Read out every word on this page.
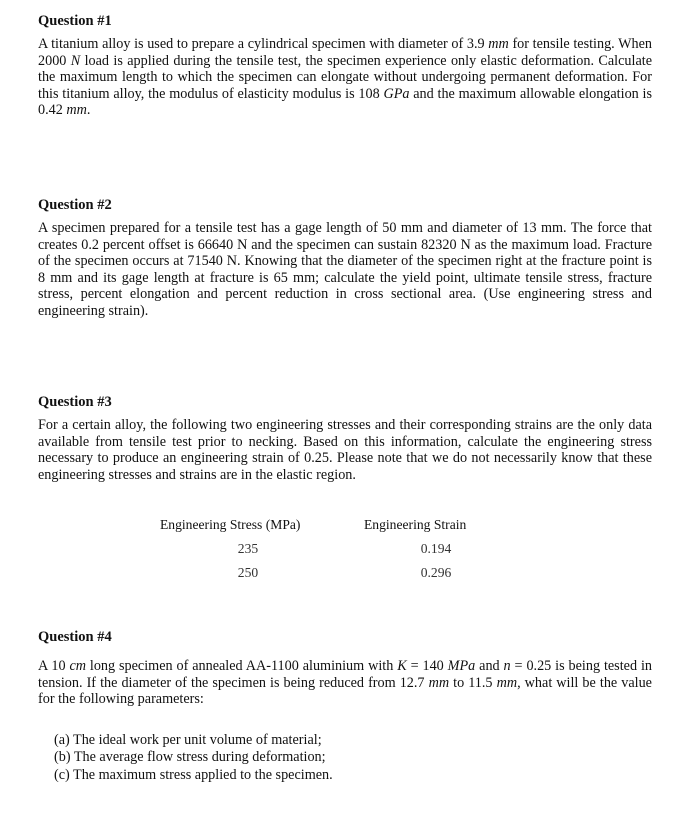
Question #1

A titanium alloy is used to prepare a cylindrical specimen with diameter of 3.9 mm for tensile testing. When 2000 N load is applied during the tensile test, the specimen experience only elastic deformation. Calculate the maximum length to which the specimen can elongate without undergoing permanent deformation. For this titanium alloy, the modulus of elasticity modulus is 108 GPa and the maximum allowable elongation is 0.42 mm.

Question #2

A specimen prepared for a tensile test has a gage length of 50 mm and diameter of 13 mm. The force that creates 0.2 percent offset is 66640 N and the specimen can sustain 82320 N as the maximum load. Fracture of the specimen occurs at 71540 N. Knowing that the diameter of the specimen right at the fracture point is 8 mm and its gage length at fracture is 65 mm; calculate the yield point, ultimate tensile stress, fracture stress, percent elongation and percent reduction in cross sectional area. (Use engineering stress and engineering strain).

Question #3

For a certain alloy, the following two engineering stresses and their corresponding strains are the only data available from tensile test prior to necking. Based on this information, calculate the engineering stress necessary to produce an engineering strain of 0.25. Please note that we do not necessarily know that these engineering stresses and strains are in the elastic region.

Engineering Stress (MPa)	Engineering Strain
235	0.194
250	0.296
Question #4

A 10 cm long specimen of annealed AA-1100 aluminium with K = 140 MPa and n = 0.25 is being tested in tension. If the diameter of the specimen is being reduced from 12.7 mm to 11.5 mm, what will be the value for the following parameters:

(a) The ideal work per unit volume of material;
(b) The average flow stress during deformation;
(c) The maximum stress applied to the specimen.
